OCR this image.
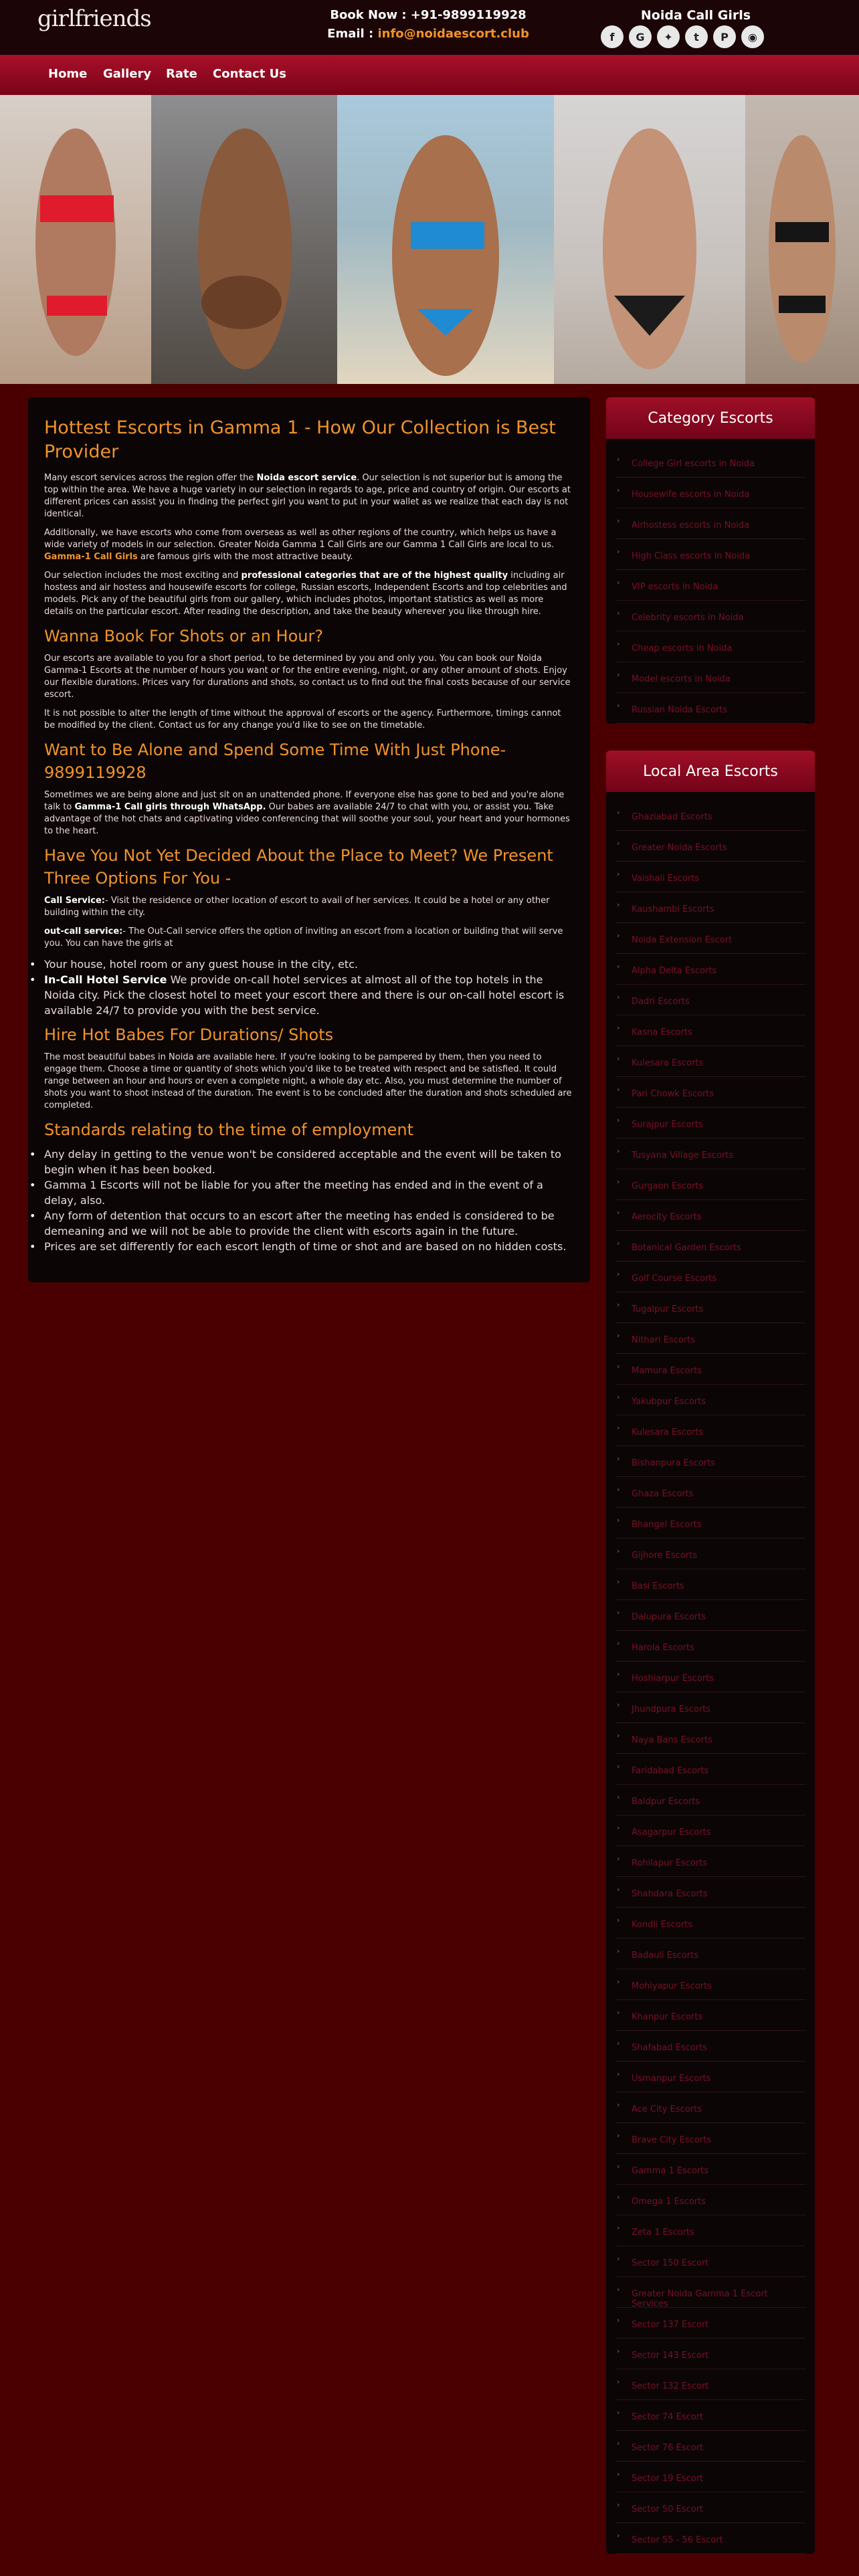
girlfriends	Book Now : +91-9899119928
Email : info@noidaescort.club
Noida Call Girls
f	G	✦	t	P	◉
Home Gallery Rate Contact Us
Hottest Escorts in Gamma 1 - How Our Collection is Best Provider

Many escort services across the region offer the Noida escort service. Our selection is not superior but is among the top within the area. We have a huge variety in our selection in regards to age, price and country of origin. Our escorts at different prices can assist you in finding the perfect girl you want to put in your wallet as we realize that each day is not identical.

Additionally, we have escorts who come from overseas as well as other regions of the country, which helps us have a wide variety of models in our selection. Greater Noida Gamma 1 Call Girls are our Gamma 1 Call Girls are local to us. Gamma-1 Call Girls are famous girls with the most attractive beauty.

Our selection includes the most exciting and professional categories that are of the highest quality including air hostess and air hostess and housewife escorts for college, Russian escorts, Independent Escorts and top celebrities and models. Pick any of the beautiful girls from our gallery, which includes photos, important statistics as well as more details on the particular escort. After reading the description, and take the beauty wherever you like through hire.

Wanna Book For Shots or an Hour?

Our escorts are available to you for a short period, to be determined by you and only you. You can book our Noida Gamma-1 Escorts at the number of hours you want or for the entire evening, night, or any other amount of shots. Enjoy our flexible durations. Prices vary for durations and shots, so contact us to find out the final costs because of our service escort.

It is not possible to alter the length of time without the approval of escorts or the agency. Furthermore, timings cannot be modified by the client. Contact us for any change you'd like to see on the timetable.

Want to Be Alone and Spend Some Time With Just Phone-9899119928

Sometimes we are being alone and just sit on an unattended phone. If everyone else has gone to bed and you're alone talk to Gamma-1 Call girls through WhatsApp. Our babes are available 24/7 to chat with you, or assist you. Take advantage of the hot chats and captivating video conferencing that will soothe your soul, your heart and your hormones to the heart.

Have You Not Yet Decided About the Place to Meet? We Present Three Options For You -

Call Service:- Visit the residence or other location of escort to avail of her services. It could be a hotel or any other building within the city.

out-call service:- The Out-Call service offers the option of inviting an escort from a location or building that will serve you. You can have the girls at

• Your house, hotel room or any guest house in the city, etc.
• In-Call Hotel Service We provide on-call hotel services at almost all of the top hotels in the Noida city. Pick the closest hotel to meet your escort there and there is our on-call hotel escort is available 24/7 to provide you with the best service.
Hire Hot Babes For Durations/ Shots

The most beautiful babes in Noida are available here. If you're looking to be pampered by them, then you need to engage them. Choose a time or quantity of shots which you'd like to be treated with respect and be satisfied. It could range between an hour and hours or even a complete night, a whole day etc. Also, you must determine the number of shots you want to shoot instead of the duration. The event is to be concluded after the duration and shots scheduled are completed.

Standards relating to the time of employment
• Any delay in getting to the venue won't be considered acceptable and the event will be taken to begin when it has been booked.
• Gamma 1 Escorts will not be liable for you after the meeting has ended and in the event of a delay, also.
• Any form of detention that occurs to an escort after the meeting has ended is considered to be demeaning and we will not be able to provide the client with escorts again in the future.
• Prices are set differently for each escort length of time or shot and are based on no hidden costs.
Category Escorts
› College Girl escorts in Noida
› Housewife escorts in Noida
› Airhostess escorts in Noida
› High Class escorts in Noida
› VIP escorts in Noida
› Celebrity escorts in Noida
› Cheap escorts in Noida
› Model escorts in Noida
› Russian Noida Escorts
Local Area Escorts
› Ghaziabad Escorts
› Greater Noida Escorts
› Vaishali Escorts
› Kaushambi Escorts
› Noida Extension Escort
› Alpha Delta Escorts
› Dadri Escorts
› Kasna Escorts
› Kulesara Escorts
› Pari Chowk Escorts
› Surajpur Escorts
› Tusyana Village Escorts
› Gurgaon Escorts
› Aerocity Escorts
› Botanical Garden Escorts
› Golf Course Escorts
› Tugalpur Escorts
› Nithari Escorts
› Mamura Escorts
› Yakubpur Escorts
› Kulesara Escorts
› Bishanpura Escorts
› Ghaza Escorts
› Bhangel Escorts
› Gijhore Escorts
› Basi Escorts
› Dalupura Escorts
› Harola Escorts
› Hoshiarpur Escorts
› Jhundpura Escorts
› Naya Bans Escorts
› Faridabad Escorts
› Baldpur Escorts
› Asagarpur Escorts
› Rohilapur Escorts
› Shahdara Escorts
› Kondli Escorts
› Badauli Escorts
› Mohiyapur Escorts
› Khanpur Escorts
› Shafabad Escorts
› Usmanpur Escorts
› Ace City Escorts
› Brave City Escorts
› Gamma 1 Escorts
› Omega 1 Escorts
› Zeta 1 Escorts
› Sector 150 Escort
› Greater Noida Gamma 1 Escort Services
› Sector 137 Escort
› Sector 143 Escort
› Sector 132 Escort
› Sector 74 Escort
› Sector 76 Escort
› Sector 19 Escort
› Sector 50 Escort
› Sector 55 - 56 Escort
